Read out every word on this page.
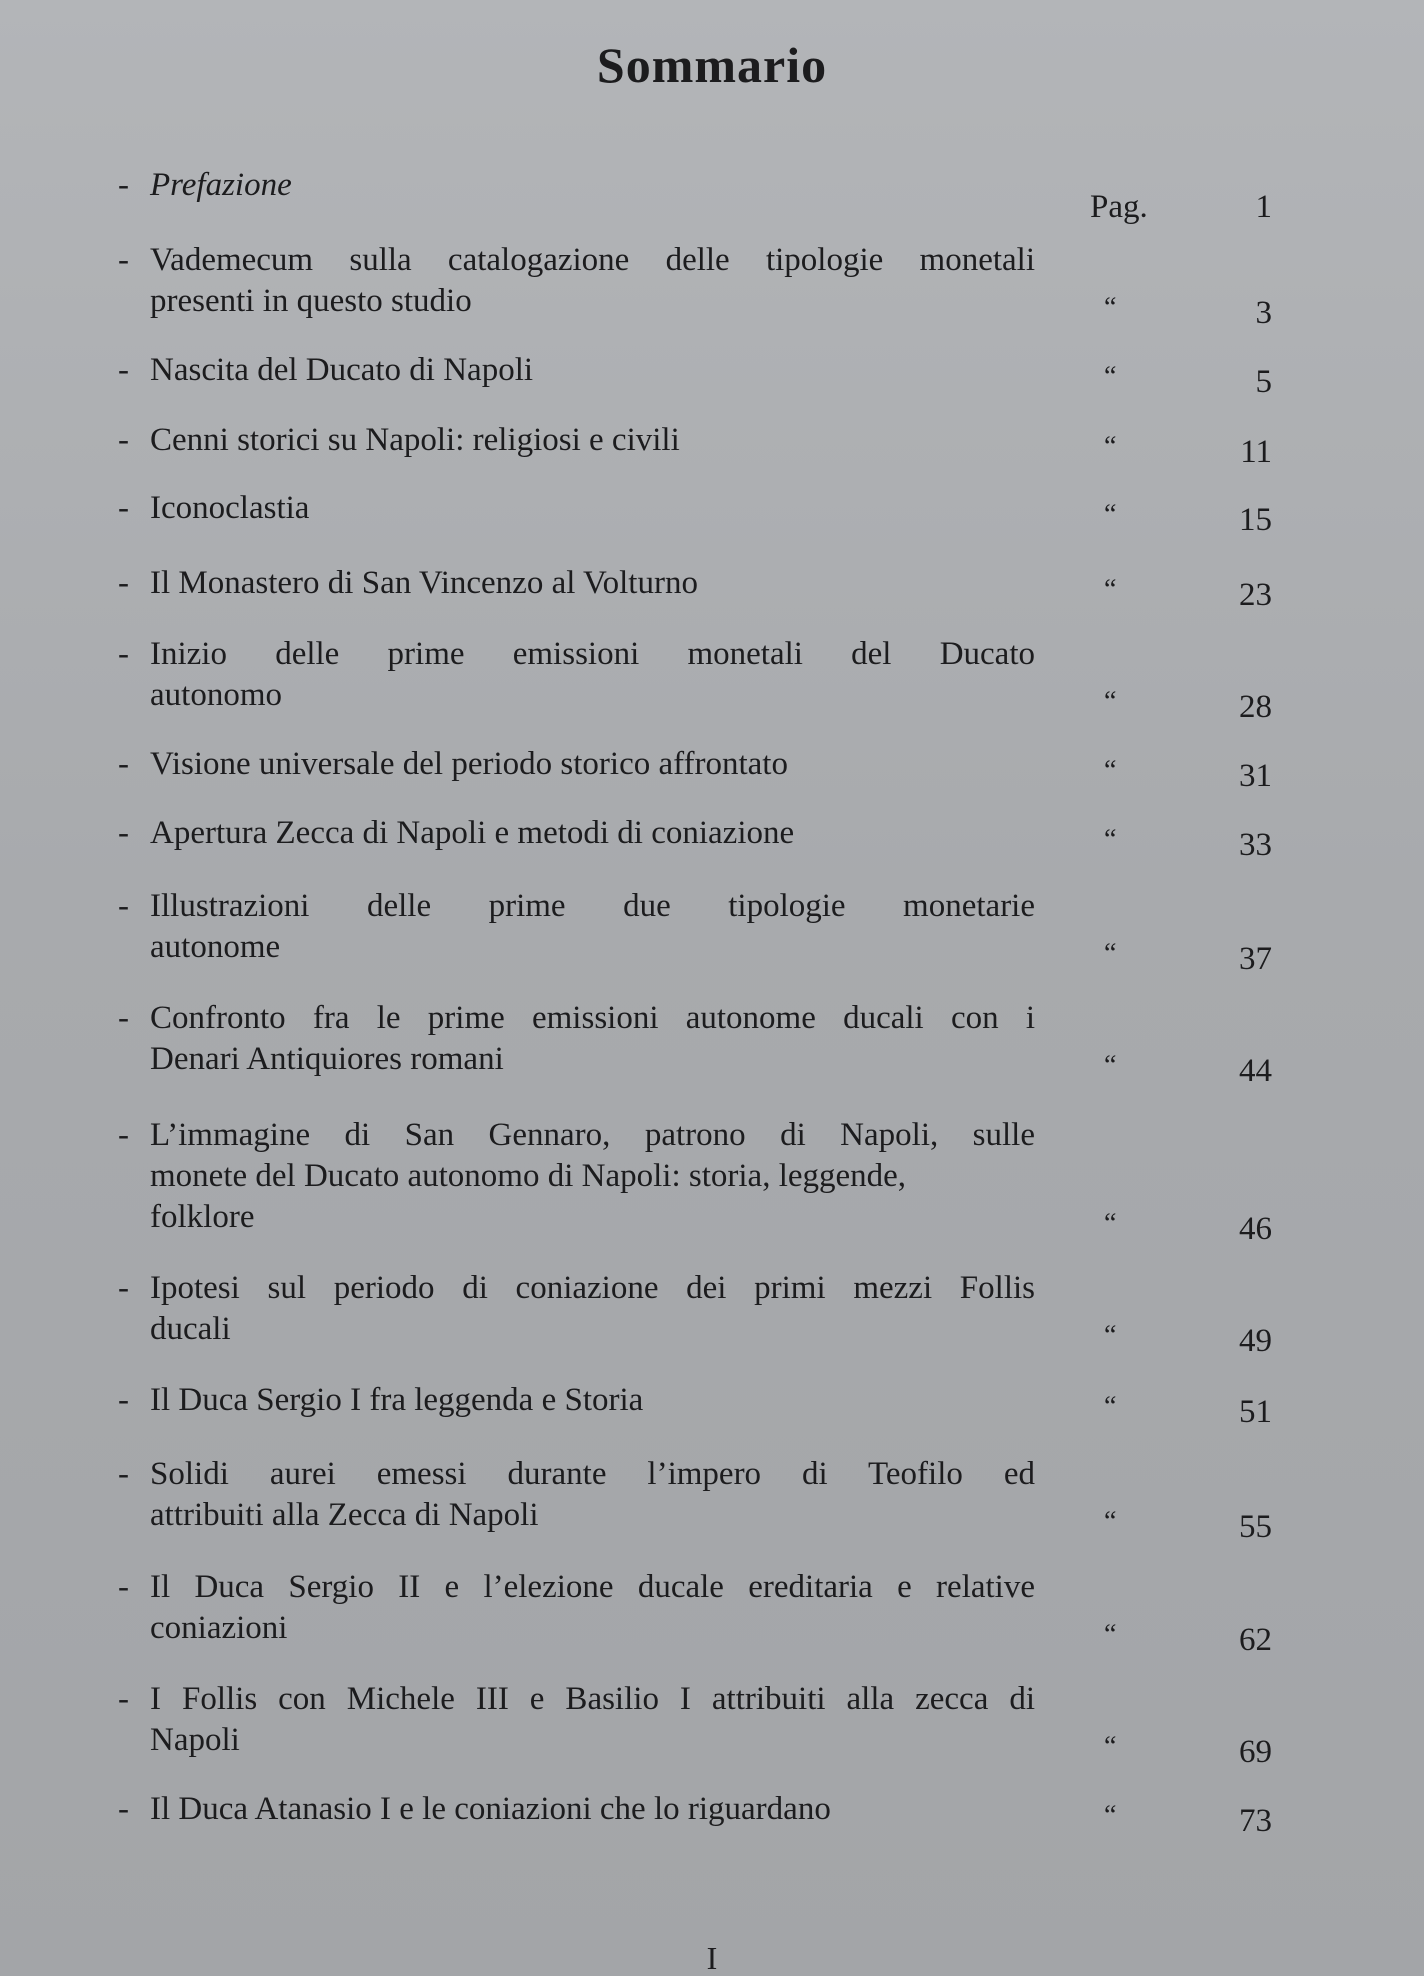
Sommario
- Prefazione
Pag.	1
- Vademecum sulla catalogazione delle tipologie monetali
presenti in questo studio	“	3
- Nascita del Ducato di Napoli	“	5
- Cenni storici su Napoli: religiosi e civili	“	11
- Iconoclastia	“	15
- Il Monastero di San Vincenzo al Volturno	“	23
- Inizio delle prime emissioni monetali del Ducato
autonomo	“	28
- Visione universale del periodo storico affrontato	“	31
- Apertura Zecca di Napoli e metodi di coniazione	“	33
- Illustrazioni delle prime due tipologie monetarie
autonome	“	37
- Confronto fra le prime emissioni autonome ducali con i
Denari Antiquiores romani	“	44
- L’immagine di San Gennaro, patrono di Napoli, sulle
monete del Ducato autonomo di Napoli: storia, leggende,
folklore	“	46
- Ipotesi sul periodo di coniazione dei primi mezzi Follis
ducali	“	49
- Il Duca Sergio I fra leggenda e Storia	“	51
- Solidi aurei emessi durante l’impero di Teofilo ed
attribuiti alla Zecca di Napoli	“	55
- Il Duca Sergio II e l’elezione ducale ereditaria e relative
coniazioni	“	62
- I Follis con Michele III e Basilio I attribuiti alla zecca di
Napoli	“	69
- Il Duca Atanasio I e le coniazioni che lo riguardano	“	73
I
